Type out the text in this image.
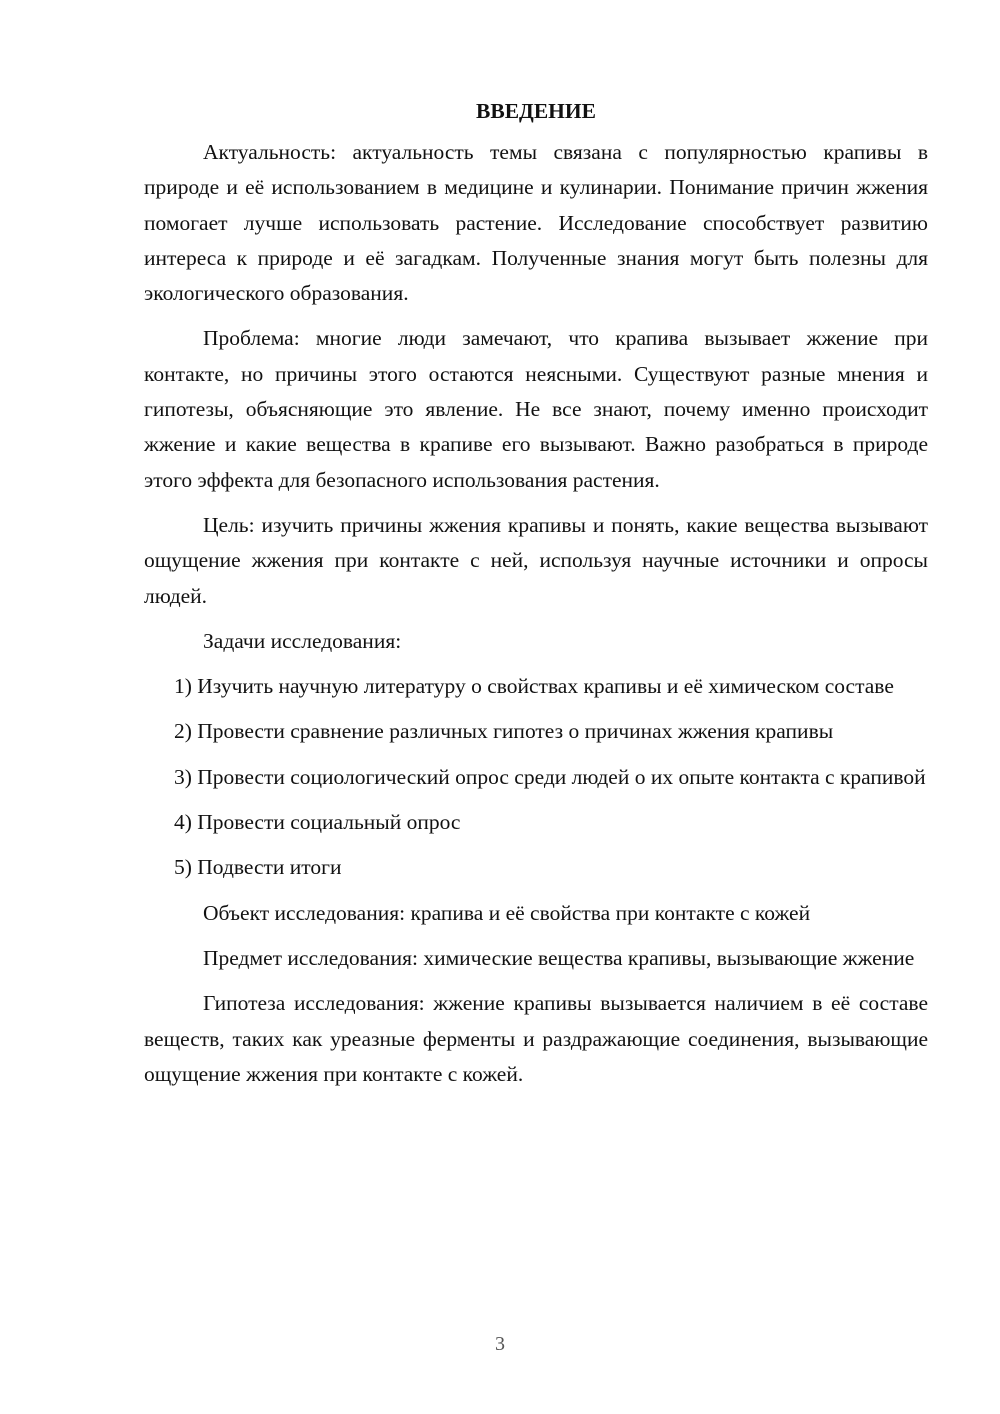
ВВЕДЕНИЕ

Актуальность: актуальность темы связана с популярностью крапивы в природе и её использованием в медицине и кулинарии. Понимание причин жжения помогает лучше использовать растение. Исследование способствует развитию интереса к природе и её загадкам. Полученные знания могут быть полезны для экологического образования.

Проблема: многие люди замечают, что крапива вызывает жжение при контакте, но причины этого остаются неясными. Существуют разные мнения и гипотезы, объясняющие это явление. Не все знают, почему именно происходит жжение и какие вещества в крапиве его вызывают. Важно разобраться в природе этого эффекта для безопасного использования растения.

Цель: изучить причины жжения крапивы и понять, какие вещества вызывают ощущение жжения при контакте с ней, используя научные источники и опросы людей.

Задачи исследования:

1) Изучить научную литературу о свойствах крапивы и её химическом составе

2) Провести сравнение различных гипотез о причинах жжения крапивы

3) Провести социологический опрос среди людей о их опыте контакта с крапивой

4) Провести социальный опрос

5) Подвести итоги

Объект исследования: крапива и её свойства при контакте с кожей

Предмет исследования: химические вещества крапивы, вызывающие жжение

Гипотеза исследования: жжение крапивы вызывается наличием в её составе веществ, таких как уреазные ферменты и раздражающие соединения, вызывающие ощущение жжения при контакте с кожей.

3
